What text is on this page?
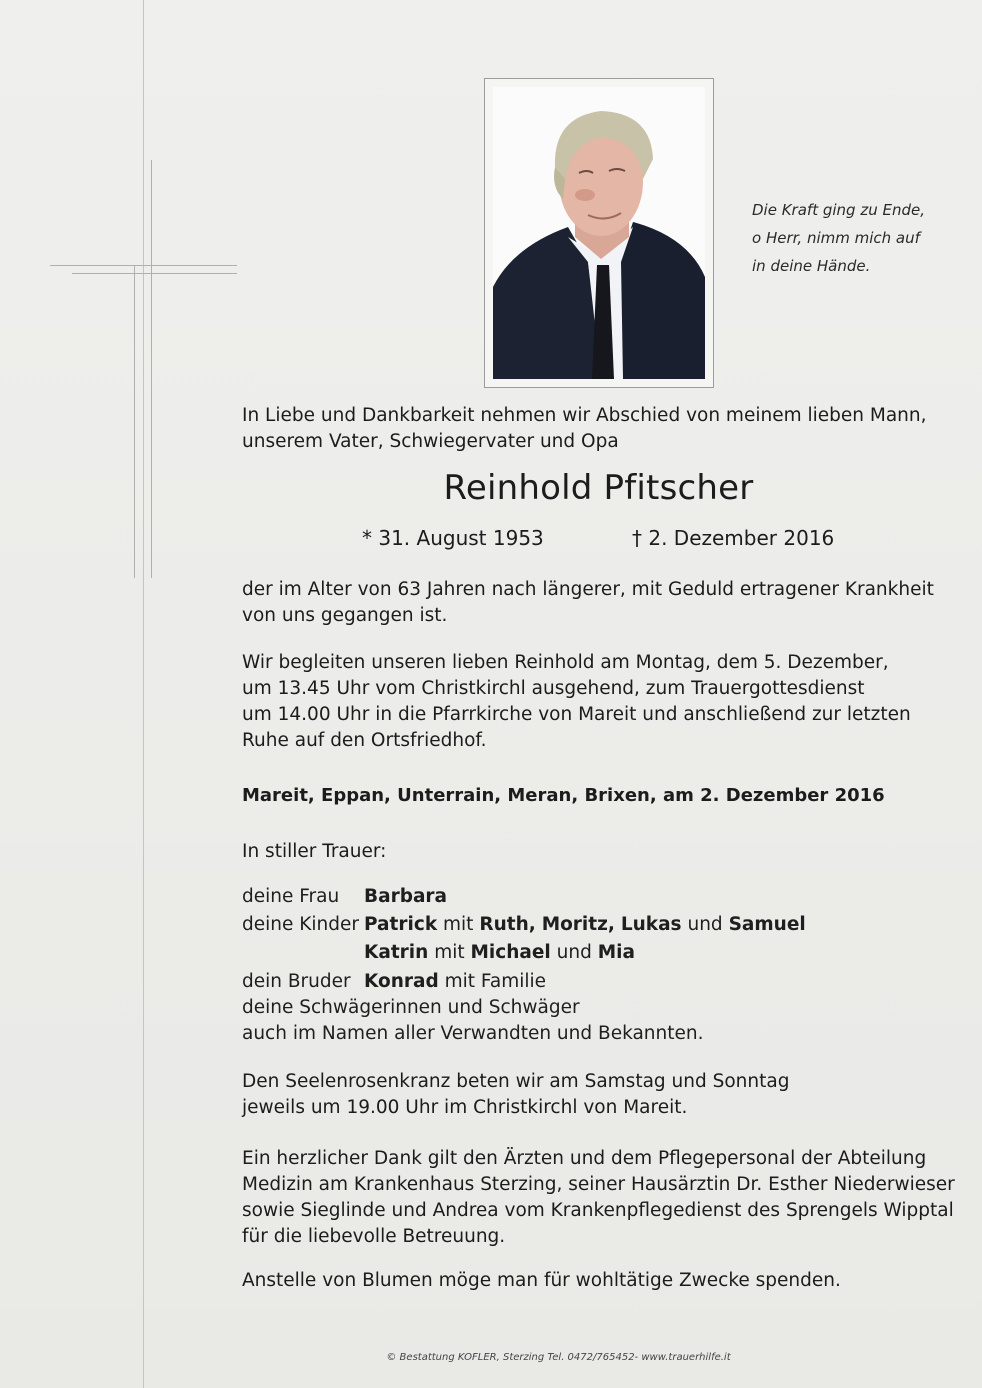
Die Kraft ging zu Ende,
o Herr, nimm mich auf
in deine Hände.
In Liebe und Dankbarkeit nehmen wir Abschied von meinem lieben Mann,
unserem Vater, Schwiegervater und Opa
Reinhold Pfitscher
* 31. August 1953	† 2. Dezember 2016
der im Alter von 63 Jahren nach längerer, mit Geduld ertragener Krankheit
von uns gegangen ist.
Wir begleiten unseren lieben Reinhold am Montag, dem 5. Dezember,
um 13.45 Uhr vom Christkirchl ausgehend, zum Trauergottesdienst
um 14.00 Uhr in die Pfarrkirche von Mareit und anschließend zur letzten
Ruhe auf den Ortsfriedhof.
Mareit, Eppan, Unterrain, Meran, Brixen, am 2. Dezember 2016
In stiller Trauer:
deine Frau Barbara
deine Kinder Patrick mit Ruth, Moritz, Lukas und Samuel
Katrin mit Michael und Mia
dein Bruder Konrad mit Familie
deine Schwägerinnen und Schwäger
auch im Namen aller Verwandten und Bekannten.
Den Seelenrosenkranz beten wir am Samstag und Sonntag
jeweils um 19.00 Uhr im Christkirchl von Mareit.
Ein herzlicher Dank gilt den Ärzten und dem Pflegepersonal der Abteilung
Medizin am Krankenhaus Sterzing, seiner Hausärztin Dr. Esther Niederwieser
sowie Sieglinde und Andrea vom Krankenpflegedienst des Sprengels Wipptal
für die liebevolle Betreuung.
Anstelle von Blumen möge man für wohltätige Zwecke spenden.
© Bestattung KOFLER, Sterzing Tel. 0472/765452- www.trauerhilfe.it
